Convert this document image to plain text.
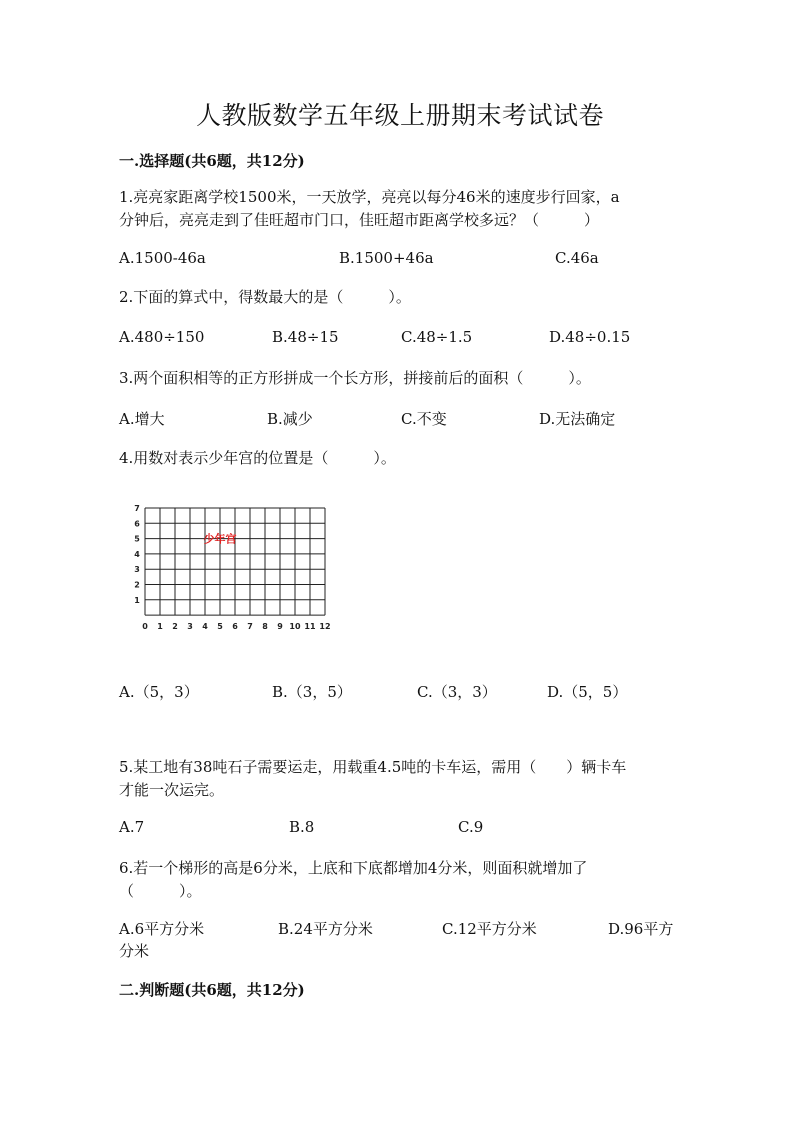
人教版数学五年级上册期末考试试卷
一.选择题(共6题，共12分)
1.亮亮家距离学校1500米，一天放学，亮亮以每分46米的速度步行回家，a
分钟后，亮亮走到了佳旺超市门口，佳旺超市距离学校多远？（　　　）
A.1500-46a	B.1500+46a	C.46a
2.下面的算式中，得数最大的是（　　　）。
A.480÷150	B.48÷15	C.48÷1.5	D.48÷0.15
3.两个面积相等的正方形拼成一个长方形，拼接前后的面积（　　　）。
A.增大	B.减少	C.不变	D.无法确定
4.用数对表示少年宫的位置是（　　　）。
0 1 2 3 4 5 6 7 8 9 10 11 12
1
2
3
4
5
6
7
少年宫
A.（5，3）	B.（3，5）	C.（3，3）	D.（5，5）
5.某工地有38吨石子需要运走，用载重4.5吨的卡车运，需用（　　）辆卡车
才能一次运完。
A.7	B.8	C.9
6.若一个梯形的高是6分米，上底和下底都增加4分米，则面积就增加了
（　　　）。
A.6平方分米	B.24平方分米	C.12平方分米	D.96平方
分米
二.判断题(共6题，共12分)
